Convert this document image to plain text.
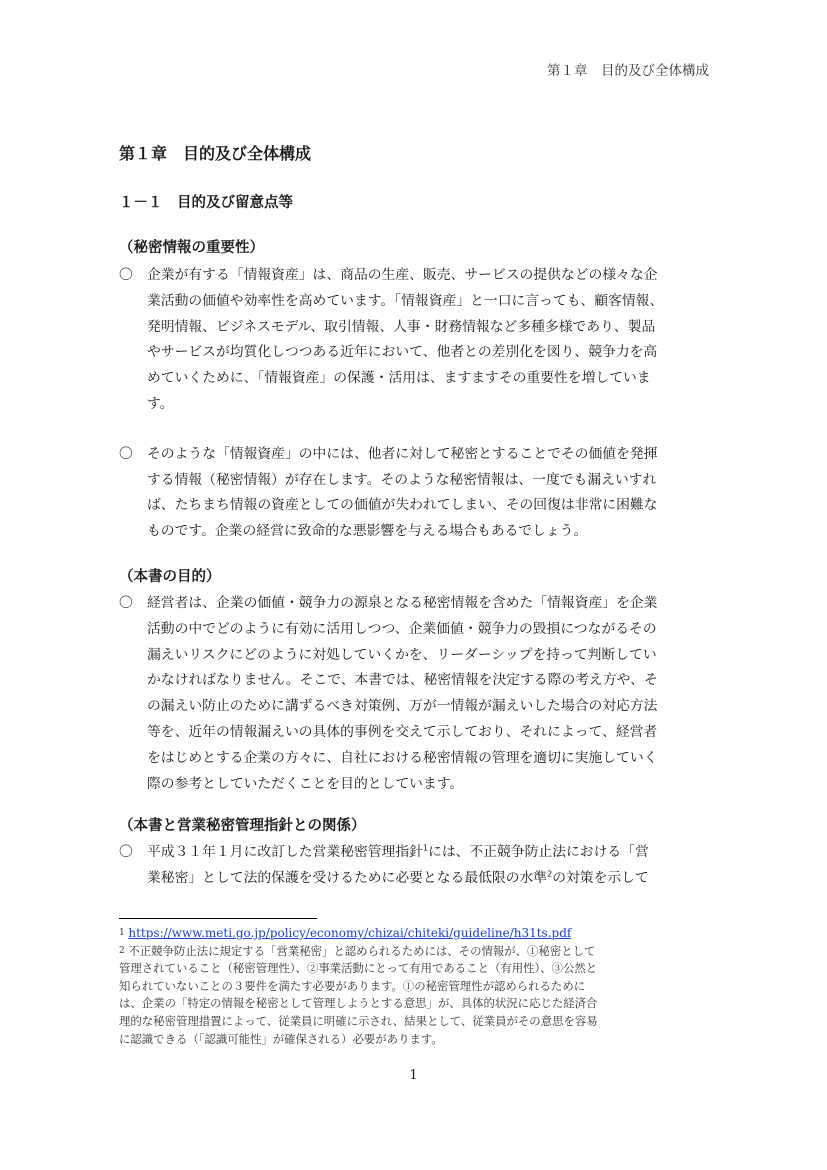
第１章　目的及び全体構成
第１章　目的及び全体構成
１－１　目的及び留意点等
（秘密情報の重要性）
〇 企業が有する「情報資産」は、商品の生産、販売、サービスの提供などの様々な企
業活動の価値や効率性を高めています。「情報資産」と一口に言っても、顧客情報、
発明情報、ビジネスモデル、取引情報、人事・財務情報など多種多様であり、製品
やサービスが均質化しつつある近年において、他者との差別化を図り、競争力を高
めていくために、「情報資産」の保護・活用は、ますますその重要性を増していま
す。
〇 そのような「情報資産」の中には、他者に対して秘密とすることでその価値を発揮
する情報（秘密情報）が存在します。そのような秘密情報は、一度でも漏えいすれ
ば、たちまち情報の資産としての価値が失われてしまい、その回復は非常に困難な
ものです。企業の経営に致命的な悪影響を与える場合もあるでしょう。
（本書の目的）
〇 経営者は、企業の価値・競争力の源泉となる秘密情報を含めた「情報資産」を企業
活動の中でどのように有効に活用しつつ、企業価値・競争力の毀損につながるその
漏えいリスクにどのように対処していくかを、リーダーシップを持って判断してい
かなければなりません。そこで、本書では、秘密情報を決定する際の考え方や、そ
の漏えい防止のために講ずるべき対策例、万が一情報が漏えいした場合の対応方法
等を、近年の情報漏えいの具体的事例を交えて示しており、それによって、経営者
をはじめとする企業の方々に、自社における秘密情報の管理を適切に実施していく
際の参考としていただくことを目的としています。
（本書と営業秘密管理指針との関係）
〇 平成３１年１月に改訂した営業秘密管理指針$^1$には、不正競争防止法における「営
業秘密」として法的保護を受けるために必要となる最低限の水準$^2$の対策を示して

$^1$ https://www.meti.go.jp/policy/economy/chizai/chiteki/guideline/h31ts.pdf

$^2$ 不正競争防止法に規定する「営業秘密」と認められるためには、その情報が、①秘密として
管理されていること（秘密管理性）、②事業活動にとって有用であること（有用性）、③公然と
知られていないことの３要件を満たす必要があります。①の秘密管理性が認められるために
は、企業の「特定の情報を秘密として管理しようとする意思」が、具体的状況に応じた経済合
理的な秘密管理措置によって、従業員に明確に示され、結果として、従業員がその意思を容易
に認識できる（「認識可能性」が確保される）必要があります。
1
